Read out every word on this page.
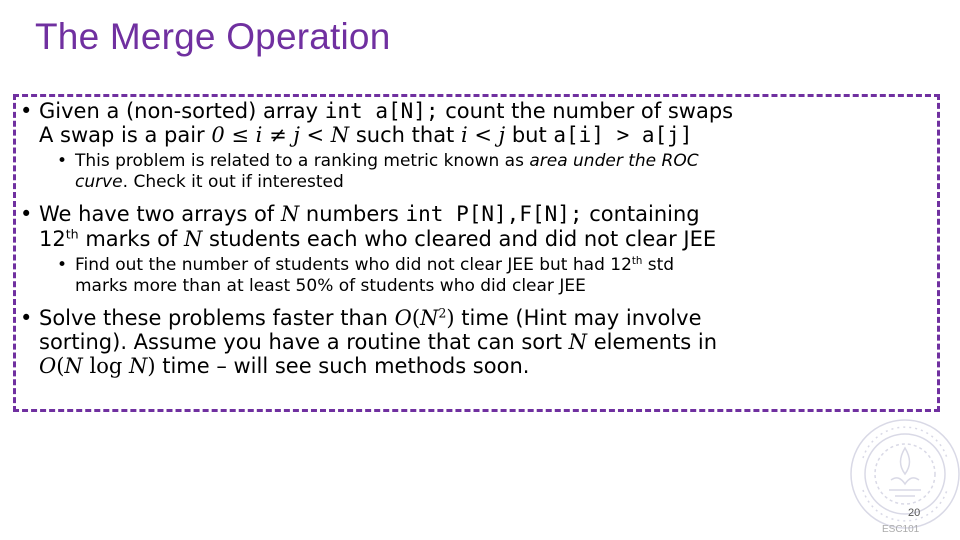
The Merge Operation
• Given a (non-sorted) array int a[N]; count the number of swaps
A swap is a pair 0 ≤ i ≠ j < N such that i < j but a[i] > a[j]
• This problem is related to a ranking metric known as area under the ROC
curve. Check it out if interested
• We have two arrays of N numbers int P[N],F[N]; containing
12th marks of N students each who cleared and did not clear JEE
• Find out the number of students who did not clear JEE but had 12th std
marks more than at least 50% of students who did clear JEE
• Solve these problems faster than $O(N^2)$ time (Hint may involve
sorting). Assume you have a routine that can sort N elements in
O(N log N) time – will see such methods soon.
20
ESC101
